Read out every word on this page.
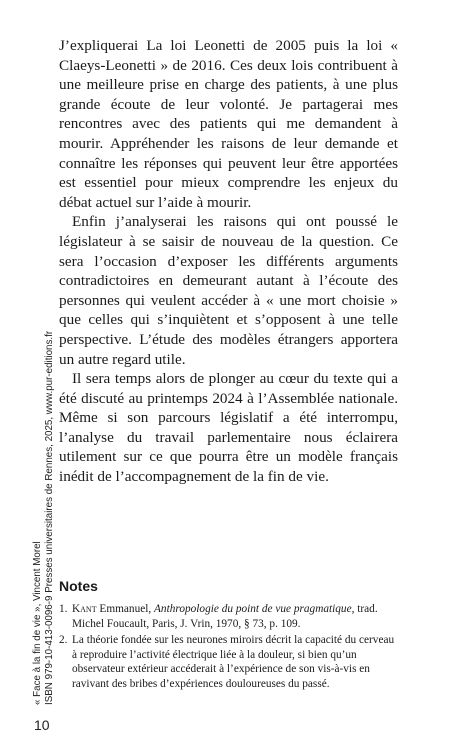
J’expliquerai La loi Leonetti de 2005 puis la loi « Claeys-Leonetti » de 2016. Ces deux lois contribuent à une meilleure prise en charge des patients, à une plus grande écoute de leur volonté. Je partagerai mes rencontres avec des patients qui me demandent à mourir. Appréhender les raisons de leur demande et connaître les réponses qui peuvent leur être apportées est essentiel pour mieux comprendre les enjeux du débat actuel sur l’aide à mourir.

Enfin j’analyserai les raisons qui ont poussé le législateur à se saisir de nouveau de la question. Ce sera l’occasion d’exposer les différents arguments contradictoires en demeurant autant à l’écoute des personnes qui veulent accéder à « une mort choisie » que celles qui s’inquiètent et s’opposent à une telle perspective. L’étude des modèles étrangers apportera un autre regard utile.

Il sera temps alors de plonger au cœur du texte qui a été discuté au printemps 2024 à l’Assemblée nationale. Même si son parcours législatif a été interrompu, l’analyse du travail parlementaire nous éclairera utilement sur ce que pourra être un modèle français inédit de l’accompagnement de la fin de vie.

Notes
1. Kant Emmanuel, Anthropologie du point de vue pragmatique, trad. Michel Foucault, Paris, J. Vrin, 1970, § 73, p. 109.
2. La théorie fondée sur les neurones miroirs décrit la capacité du cerveau à reproduire l’activité électrique liée à la douleur, si bien qu’un observateur extérieur accéderait à l’expérience de son vis-à-vis en ravivant des bribes d’expériences douloureuses du passé.
« Face à la fin de vie », Vincent Morel ISBN 979-10-413-0096-9 Presses universitaires de Rennes, 2025, www.pur-editions.fr
10
